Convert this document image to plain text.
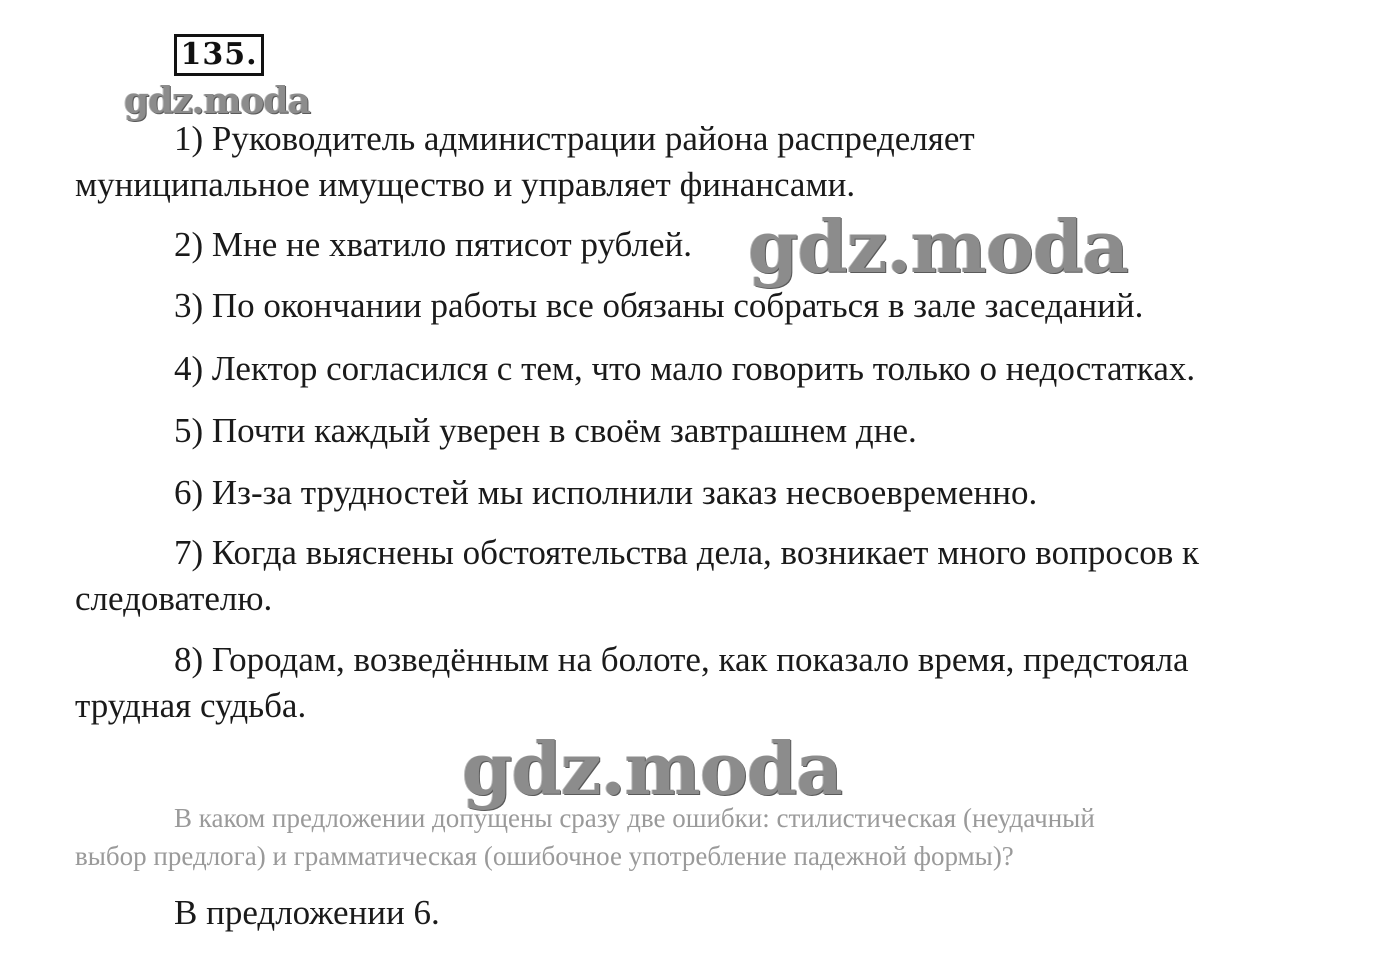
135.
gdz.moda
1) Руководитель администрации района распределяет
муниципальное имущество и управляет финансами.
2) Мне не хватило пятисот рублей. gdz.moda
3) По окончании работы все обязаны собраться в зале заседаний.
4) Лектор согласился с тем, что мало говорить только о недостатках.
5) Почти каждый уверен в своём завтрашнем дне.
6) Из-за трудностей мы исполнили заказ несвоевременно.
7) Когда выяснены обстоятельства дела, возникает много вопросов к
следователю.
8) Городам, возведённым на болоте, как показало время, предстояла
трудная судьба.
gdz.moda
В каком предложении допущены сразу две ошибки: стилистическая (неудачный
выбор предлога) и грамматическая (ошибочное употребление падежной формы)?
В предложении 6.
